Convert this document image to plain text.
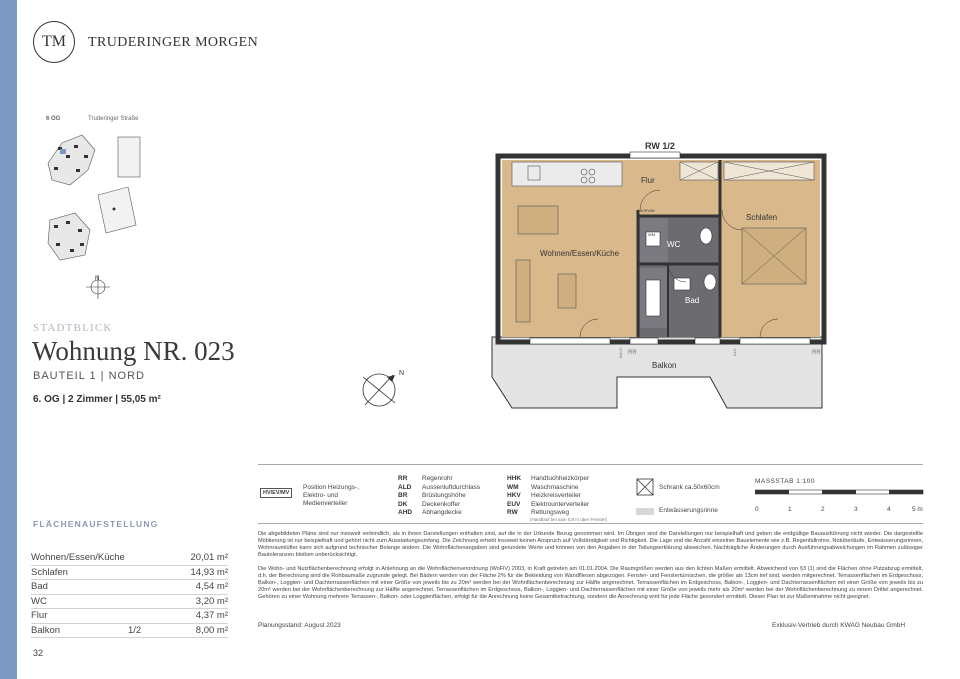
TM	TRUDERINGER MORGEN
6 OG	Truderinger Straße
N
STADTBLICK
Wohnung NR. 023
BAUTEIL 1 | NORD
6. OG | 2 Zimmer | 55,05 m²
FLÄCHENAUFSTELLUNG
Wohnen/Essen/Küche	20,01 m²
Schlafen	14,93 m²
Bad	4,54 m²
WC	3,20 m²
Flur	4,37 m²
Balkon	1/2	8,00 m²
32
N
RW 1/2
Wohnen/Essen/Küche
Schlafen
Flur
WC
Bad
Balkon
HV/EV/M
WM
RR	RR
BALD	ALD
HV/EV/MV
Position Heizungs-, Elektro- und Medienverteiler
RR	Regenrohr
ALD	Aussenluftdurchlass
BR	Brüstungshöhe
DK	Deckenkoffer
AHD	Abhangdecke
HHK	Handtuchheizkörper
WM	Waschmaschine
HKV	Heizkreisverteiler
EUV	Elektrounterverteiler
RW	Rettungsweg
(Handlauf bei sam 0,9 m über Fenster)
Schrank ca.50x60cm
Entwässerungsrinne
MASSSTAB 1:100
0	1	2	3	4	5 m
Die abgebildeten Pläne sind nur insoweit verbindlich, als in ihnen Darstellungen enthalten sind, auf die in der Urkunde Bezug genommen wird. Im Übrigen sind die Darstellungen nur beispielhaft und geben die endgültige Bauausführung nicht wieder. Die dargestellte Möblierung ist nur beispielhaft und gehört nicht zum Ausstattungsumfang. Die Zeichnung erhebt insoweit keinen Anspruch auf Vollständigkeit und Richtigkeit. Die Lage und die Anzahl einzelner Bauelemente wie z.B. Regenfallrohre, Notüberläufe, Entwässerungsrinnen, Wohnraumlüfter kann sich aufgrund technischer Belange ändern. Die Wohnflächenangaben sind gerundete Werte und können von den Angaben in der Teilungserklärung abweichen. Nachträgliche Änderungen durch Ausführungsabweichungen im Rahmen zulässiger Bautoleranzen bleiben unberücksichtigt.
Die Wohn- und Nutzflächenberechnung erfolgt in Anlehnung an die Wohnflächenverordnung (WoFlV) 2003, in Kraft getreten am 01.01.2004. Die Raumgrößen werden aus den lichten Maßen ermittelt. Abweichend von §3 (1) sind die Flächen ohne Putzabzug ermittelt, d.h. der Berechnung sind die Rohbaumaße zugrunde gelegt. Bei Bädern werden von der Fläche 2% für die Bekleidung von Wandfliesen abgezogen. Fenster- und Fenstertürnischen, die größer als 13cm tief sind, werden mitgerechnet. Terrassenflächen im Erdgeschoss, Balkon-, Loggien- und Dachterrassenflächen mit einer Größe von jeweils bis zu 20m² werden bei der Wohnflächenberechnung zur Hälfte angerechnet. Terrassenflächen im Erdgeschoss, Balkon-, Loggien- und Dachterrassenflächen mit einer Größe von jeweils bis zu 20m² werden bei der Wohnflächenberechnung zur Hälfte angerechnet. Terrassenflächen im Erdgeschoss, Balkon-, Loggien- und Dachterrassenflächen mit einer Größe von jeweils mehr als 20m² werden bei der Wohnflächenberechnung zu einem Drittel angerechnet. Gehören zu einer Wohnung mehrere Terrassen-, Balkon- oder Loggienflächen, erfolgt für die Anrechnung keine Gesamtbetrachtung, sondern die Anrechnung wird für jede Fläche gesondert ermittelt. Dieser Plan ist zur Maßentnahme nicht geeignet.
Planungsstand: August 2023	Exklusiv-Vertrieb durch KWAG Neubau GmbH
